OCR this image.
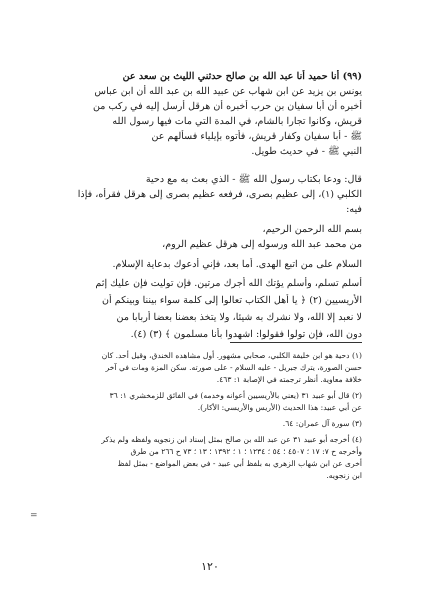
(٩٩) أنا حميد أنا عبد الله بن صالح حدثني الليث بن سعد عن
يونس بن يزيد عن ابن شهاب عن عبيد الله بن عبد الله أن ابن عباس
أخبره أن أبا سفيان بن حرب أخبره أن هرقل أرسل إليه في ركب من
قريش، وكانوا تجارا بالشام، في المدة التي مات فيها رسول الله
ﷺ - أبا سفيان وكفار قريش، فأتوه بإيلياء فسألهم عن
النبي ﷺ - في حديث طويل.
قال: ودعا بكتاب رسول الله ﷺ - الذي بعث به مع دحية
الكلبي (١)، إلى عظيم بصرى، فرفعه عظيم بصرى إلى هرقل فقرأه، فإذا
فيه:
بسم الله الرحمن الرحيم،
من محمد عبد الله ورسوله إلى هرقل عظيم الروم،
السلام على من اتبع الهدى. أما بعد، فإني أدعوك بدعاية الإسلام.
أسلم تسلم، وأسلم يؤتك الله أجرك مرتين. فإن توليت فإن عليك إثم
الأريسيين (٢) ﴿ يا أهل الكتاب تعالوا إلى كلمة سواء بيننا وبينكم أن
لا نعبد إلا الله، ولا نشرك به شيئا، ولا يتخذ بعضنا بعضا أربابا من
دون الله، فإن تولوا فقولوا: اشهدوا بأنا مسلمون ﴾ (٣) (٤).
(١) دحية هو ابن خليفة الكلبي، صحابي مشهور. أول مشاهده الخندق، وقيل أحد. كان
حسن الصورة، يترك جبريل - عليه السلام - على صورته. سكن المزة ومات في آخر
خلافة معاوية. أنظر ترجمته في الإصابة ١: ٤٦٣.
(٢) قال أبو عبيد ٣١ (يعني بالأريسيين أعوانه وخدمه) في الفائق للزمخشري ١: ٣٦
عن أبي عبيد: هذا الحديث (الأريس والأريسي: الأكار).
(٣) سورة آل عمران: ٦٤.
(٤) أخرجه أبو عبيد ٣١ عن عبد الله بن صالح بمثل إسناد ابن زنجويه ولفظه ولم يذكر
وأخرجه ح ٧: ١٧ ؛ ٤٥٠٧ ؛ ٥٤ ؛ ١٢٣٤ ؛ ١ ؛ ١٣٩٢ ؛ ١٣ ؛ ٧٣ ح ٢٦٦ من طرق
أخرى عن ابن شهاب الزهري به بلفظ أبي عبيد - في بعض المواضع - بمثل لفظ
ابن زنجويه.
=
١٢٠
